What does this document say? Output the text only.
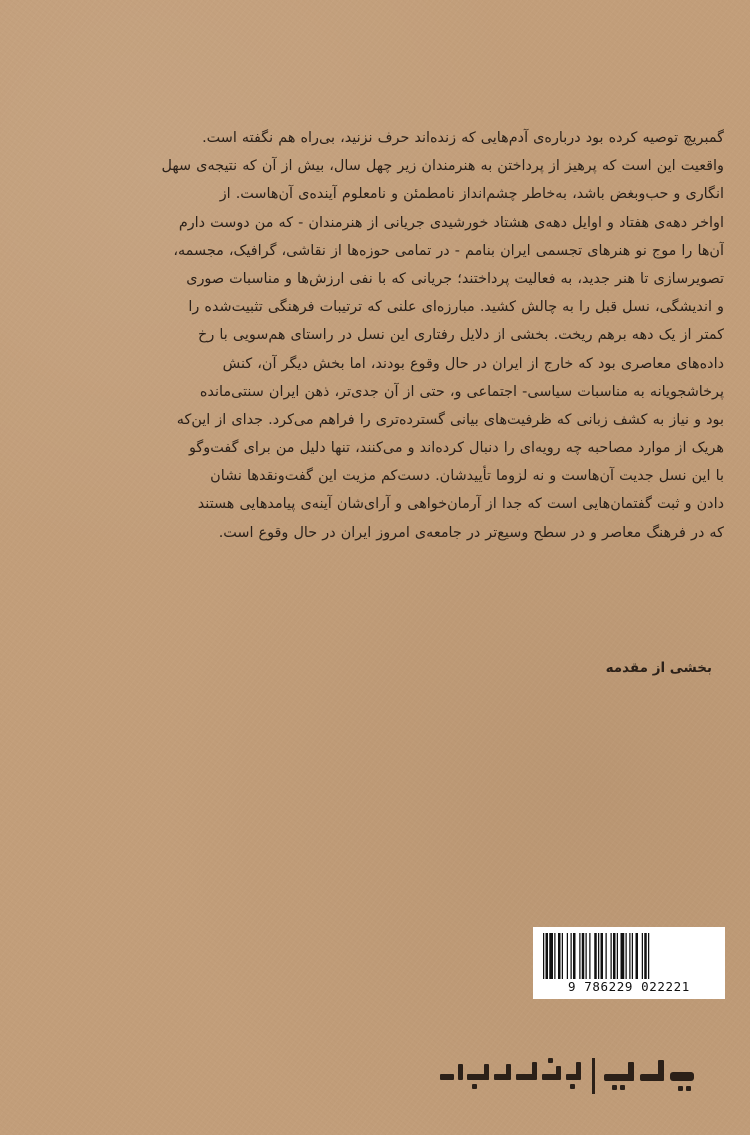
گمبریچ توصیه کرده بود درباره‌ی آدم‌هایی که زنده‌اند حرف نزنید، بی‌راه هم نگفته است.
واقعیت این است که پرهیز از پرداختن به هنرمندان زیر چهل سال، بیش از آن که نتیجه‌ی سهل
انگاری و حب‌وبغض باشد، به‌خاطر چشم‌انداز نامطمئن و نامعلوم آینده‌ی آن‌هاست. از
اواخر دهه‌ی هفتاد و اوایل دهه‌ی هشتاد خورشیدی جریانی از هنرمندان - که من دوست دارم
آن‌ها را موج نو هنرهای تجسمی ایران بنامم - در تمامی حوزه‌ها از نقاشی، گرافیک، مجسمه،
تصویرسازی تا هنر جدید، به فعالیت پرداختند؛ جریانی که با نفی ارزش‌ها و مناسبات صوری
و اندیشگی، نسل قبل را به چالش کشید. مبارزه‌ای علنی که ترتیبات فرهنگی تثبیت‌شده را
کمتر از یک دهه برهم ریخت. بخشی از دلایل رفتاری این نسل در راستای هم‌سویی با رخ
داده‌های معاصری بود که خارج از ایران در حال وقوع بودند، اما بخش دیگر آن، کنش
پرخاشجویانه به مناسبات سیاسی- اجتماعی و، حتی از آن جدی‌تر، ذهن ایران سنتی‌مانده
بود و نیاز به کشف زبانی که ظرفیت‌های بیانی گسترده‌تری را فراهم می‌کرد. جدای از این‌که
هریک از موارد مصاحبه چه رویه‌ای را دنبال کرده‌اند و می‌کنند، تنها دلیل من برای گفت‌وگو
با این نسل جدیت آن‌هاست و نه لزوما تأییدشان. دست‌کم مزیت این گفت‌ونقدها نشان
دادن و ثبت گفتمان‌هایی است که جدا از آرمان‌خواهی و آرای‌شان آینه‌ی پیامدهایی هستند
که در فرهنگ معاصر و در سطح وسیع‌تر در جامعه‌ی امروز ایران در حال وقوع است.

بخشی از مقدمه

9 786229 022221
پارت | تالار هنر
